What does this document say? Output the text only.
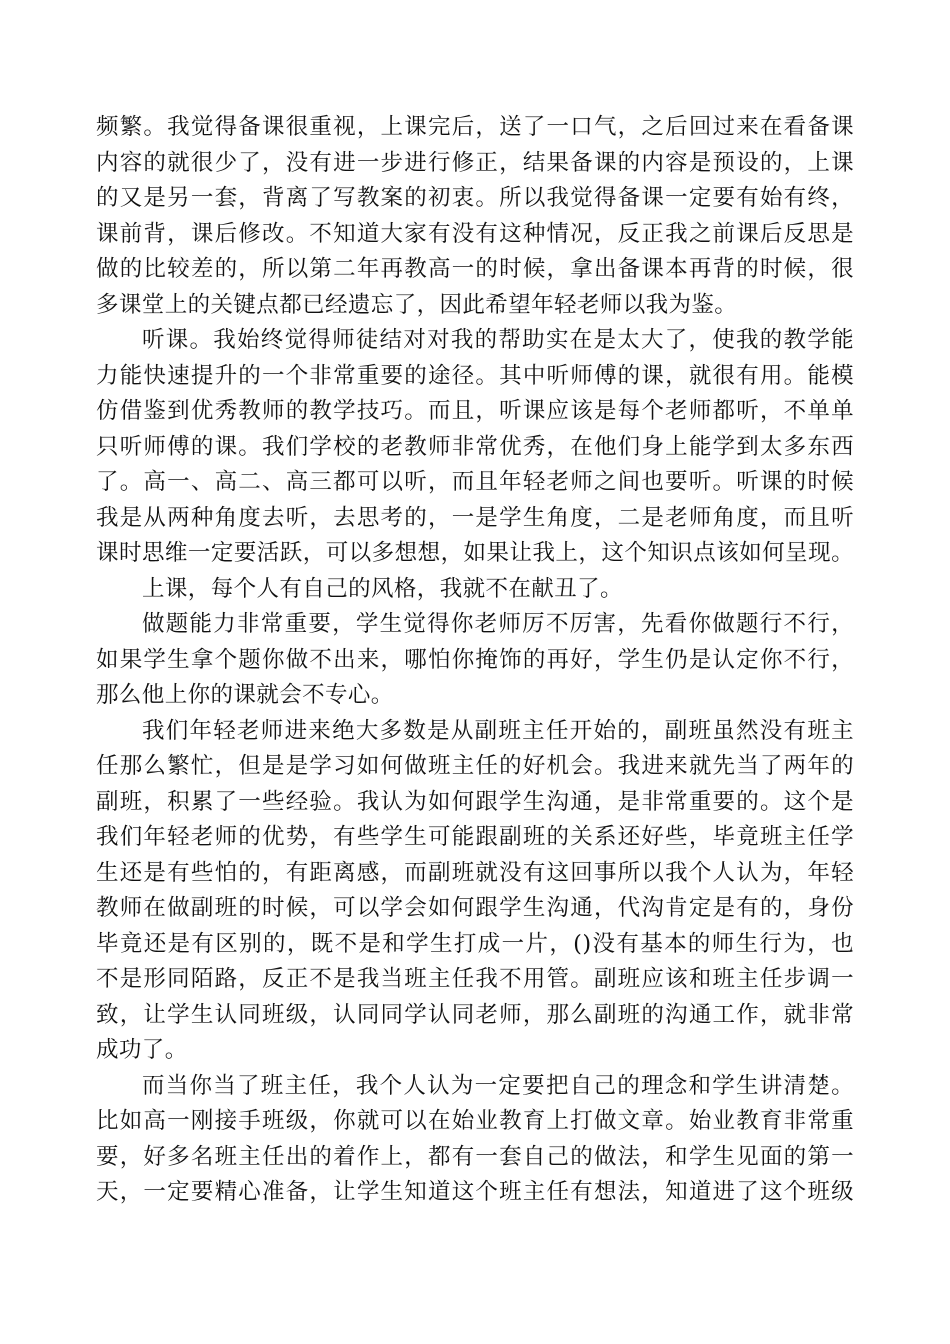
频繁。我觉得备课很重视，上课完后，送了一口气，之后回过来在看备课
内容的就很少了，没有进一步进行修正，结果备课的内容是预设的，上课
的又是另一套，背离了写教案的初衷。所以我觉得备课一定要有始有终，
课前背，课后修改。不知道大家有没有这种情况，反正我之前课后反思是
做的比较差的，所以第二年再教高一的时候，拿出备课本再背的时候，很
多课堂上的关键点都已经遗忘了，因此希望年轻老师以我为鉴。
听课。我始终觉得师徒结对对我的帮助实在是太大了，使我的教学能
力能快速提升的一个非常重要的途径。其中听师傅的课，就很有用。能模
仿借鉴到优秀教师的教学技巧。而且，听课应该是每个老师都听，不单单
只听师傅的课。我们学校的老教师非常优秀，在他们身上能学到太多东西
了。高一、高二、高三都可以听，而且年轻老师之间也要听。听课的时候
我是从两种角度去听，去思考的，一是学生角度，二是老师角度，而且听
课时思维一定要活跃，可以多想想，如果让我上，这个知识点该如何呈现。
上课，每个人有自己的风格，我就不在献丑了。
做题能力非常重要，学生觉得你老师厉不厉害，先看你做题行不行，
如果学生拿个题你做不出来，哪怕你掩饰的再好，学生仍是认定你不行，
那么他上你的课就会不专心。
我们年轻老师进来绝大多数是从副班主任开始的，副班虽然没有班主
任那么繁忙，但是是学习如何做班主任的好机会。我进来就先当了两年的
副班，积累了一些经验。我认为如何跟学生沟通，是非常重要的。这个是
我们年轻老师的优势，有些学生可能跟副班的关系还好些，毕竟班主任学
生还是有些怕的，有距离感，而副班就没有这回事所以我个人认为，年轻
教师在做副班的时候，可以学会如何跟学生沟通，代沟肯定是有的，身份
毕竟还是有区别的，既不是和学生打成一片，()没有基本的师生行为，也
不是形同陌路，反正不是我当班主任我不用管。副班应该和班主任步调一
致，让学生认同班级，认同同学认同老师，那么副班的沟通工作，就非常
成功了。
而当你当了班主任，我个人认为一定要把自己的理念和学生讲清楚。
比如高一刚接手班级，你就可以在始业教育上打做文章。始业教育非常重
要，好多名班主任出的着作上，都有一套自己的做法，和学生见面的第一
天，一定要精心准备，让学生知道这个班主任有想法，知道进了这个班级
